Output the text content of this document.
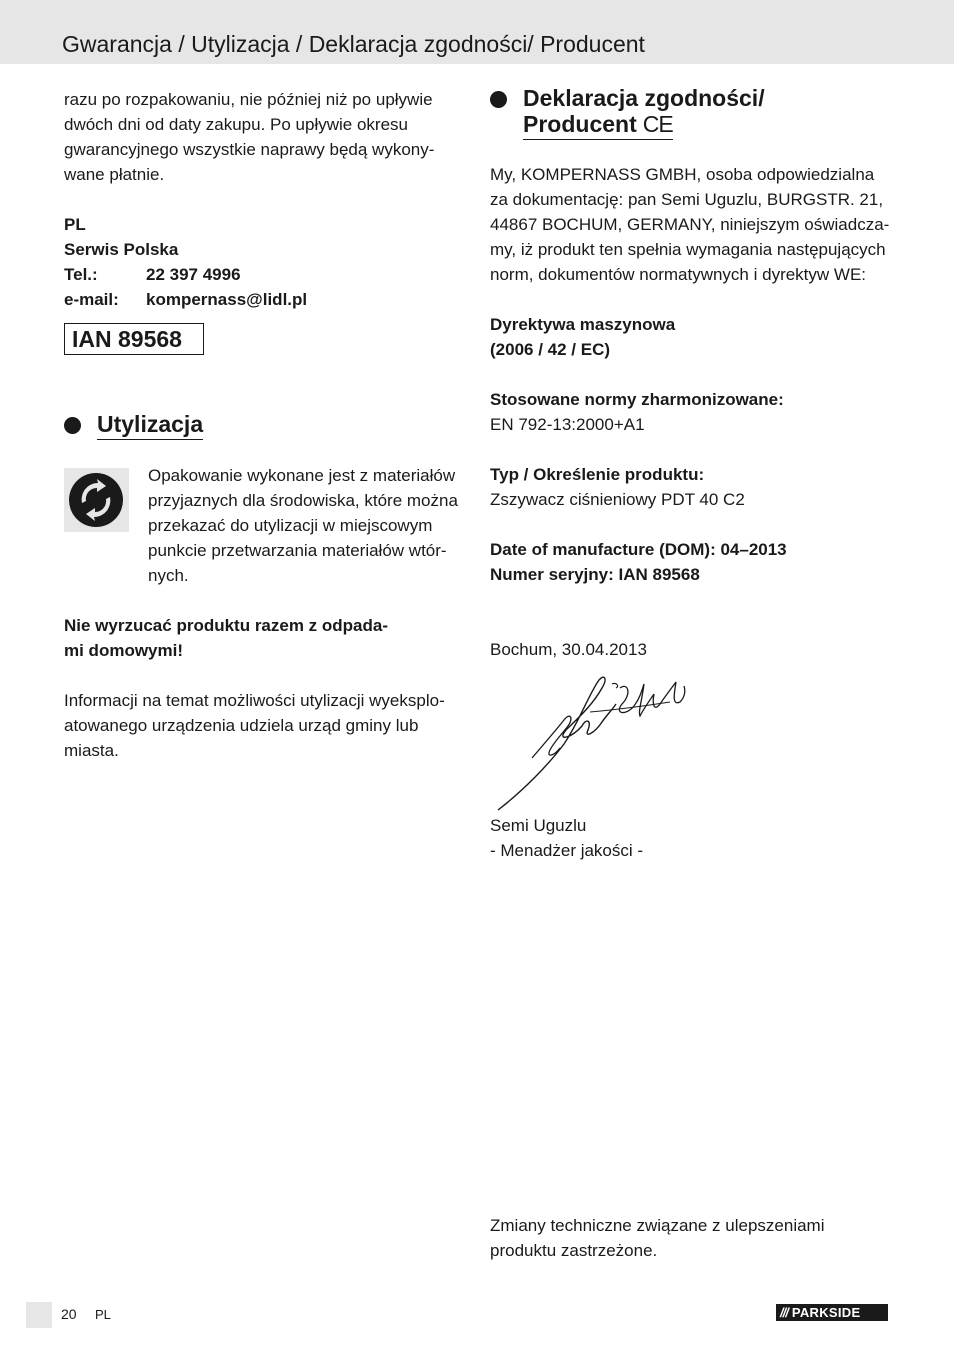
Gwarancja / Utylizacja / Deklaracja zgodności/ Producent

razu po rozpakowaniu, nie później niż po upływie

dwóch dni od daty zakupu. Po upływie okresu

gwarancyjnego wszystkie naprawy będą wykony-

wane płatnie.

PL

Serwis Polska

Tel.:	22 397 4996

e-mail: kompernass@lidl.pl

IAN 89568
Utylizacja

Opakowanie wykonane jest z materiałów

przyjaznych dla środowiska, które można

przekazać do utylizacji w miejscowym

punkcie przetwarzania materiałów wtór-

nych.

Nie wyrzucać produktu razem z odpada-

mi domowymi!

Informacji na temat możliwości utylizacji wyeksplo-

atowanego urządzenia udziela urząd gminy lub

miasta.

Deklaracja zgodności/
Producent CE

My, KOMPERNASS GMBH, osoba odpowiedzialna

za dokumentację: pan Semi Uguzlu, BURGSTR. 21,

44867 BOCHUM, GERMANY, niniejszym oświadcza-

my, iż produkt ten spełnia wymagania następujących

norm, dokumentów normatywnych i dyrektyw WE:

Dyrektywa maszynowa

(2006 / 42 / EC)

Stosowane normy zharmonizowane:

EN 792-13:2000+A1

Typ / Określenie produktu:

Zszywacz ciśnieniowy PDT 40 C2

Date of manufacture (DOM): 04–2013

Numer seryjny: IAN 89568

Bochum, 30.04.2013

Semi Uguzlu

- Menadżer jakości -

Zmiany techniczne związane z ulepszeniami

produktu zastrzeżone.

20 PL	/// PARKSIDE
